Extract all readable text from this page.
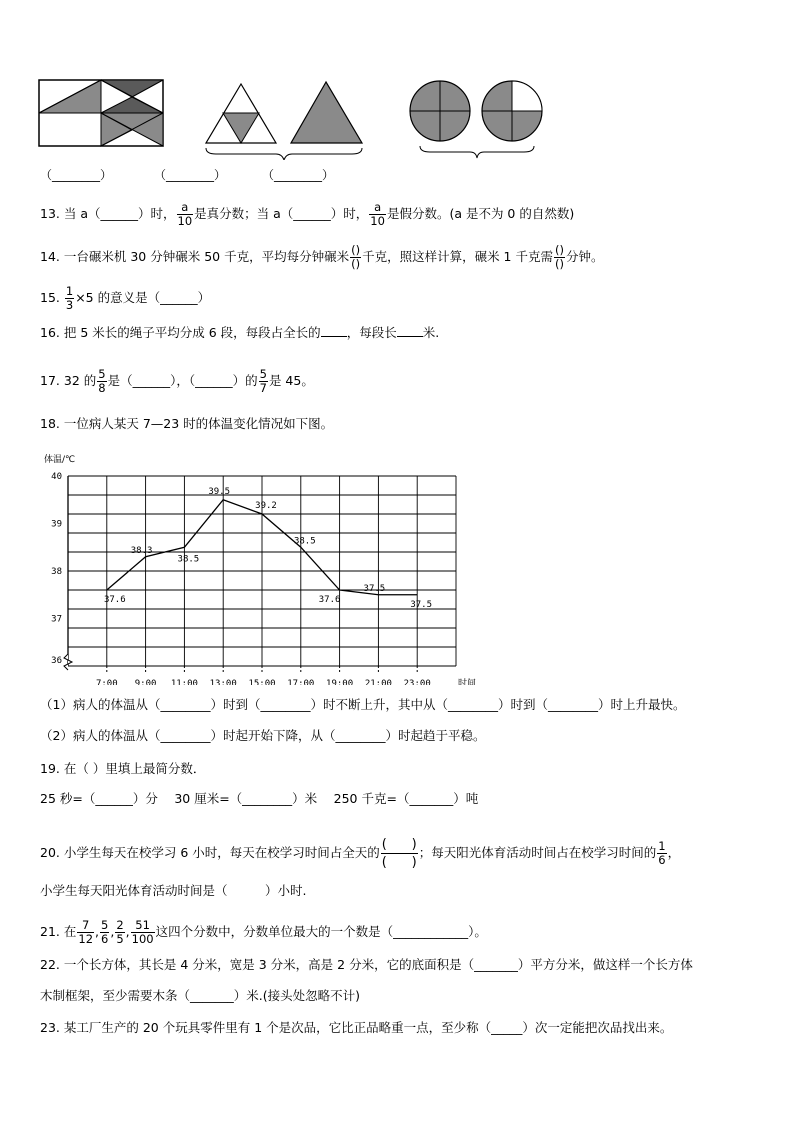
（________）	（________）	（________）
13. 当 a（______）时， $\frac{a}{10}$ 是真分数；当 a（______）时， $\frac{a}{10}$ 是假分数。(a 是不为 0 的自然数)
14. 一台碾米机 30 分钟碾米 50 千克，平均每分钟碾米 $\frac{()}{()}$ 千克，照这样计算，碾米 1 千克需 $\frac{()}{()}$ 分钟。
15. $\frac{1}{3} \times 5$ 的意义是（______）
16. 把 5 米长的绳子平均分成 6 段，每段占全长的 ，每段长 米.
17. 32 的 $\frac{5}{8}$ 是（______），（______）的 $\frac{5}{7}$ 是 45。
18. 一位病人某天 7—23 时的体温变化情况如下图。
体温/℃
40
39
38
37
36
7:00 9:00 11:00 13:00 15:00 17:00 19:00 21:00 23:00	时间
37.6
38.3
38.5
39.5
39.2
38.5
37.6
37.5
37.5
（1）病人的体温从（________）时到（________）时不断上升，其中从（________）时到（________）时上升最快。
（2）病人的体温从（________）时起开始下降，从（________）时起趋于平稳。
19. 在（ ）里填上最简分数．
25 秒=（______）分　 30 厘米=（________）米　 250 千克=（_______）吨
20. 小学生每天在校学习 6 小时，每天在校学习时间占全天的 $\frac{( )}{( )}$ ；每天阳光体育活动时间占在校学习时间的 $\frac{1}{6}$ ，
小学生每天阳光体育活动时间是（　　　）小时.
21. 在 $\frac{7}{12}$ , $\frac{5}{6}$ , $\frac{2}{5}$ , $\frac{51}{100}$ 这四个分数中，分数单位最大的一个数是（____________）。
22. 一个长方体，其长是 4 分米，宽是 3 分米，高是 2 分米，它的底面积是（_______）平方分米，做这样一个长方体
木制框架，至少需要木条（_______）米.(接头处忽略不计)
23. 某工厂生产的 20 个玩具零件里有 1 个是次品，它比正品略重一点，至少称（_____）次一定能把次品找出来。
